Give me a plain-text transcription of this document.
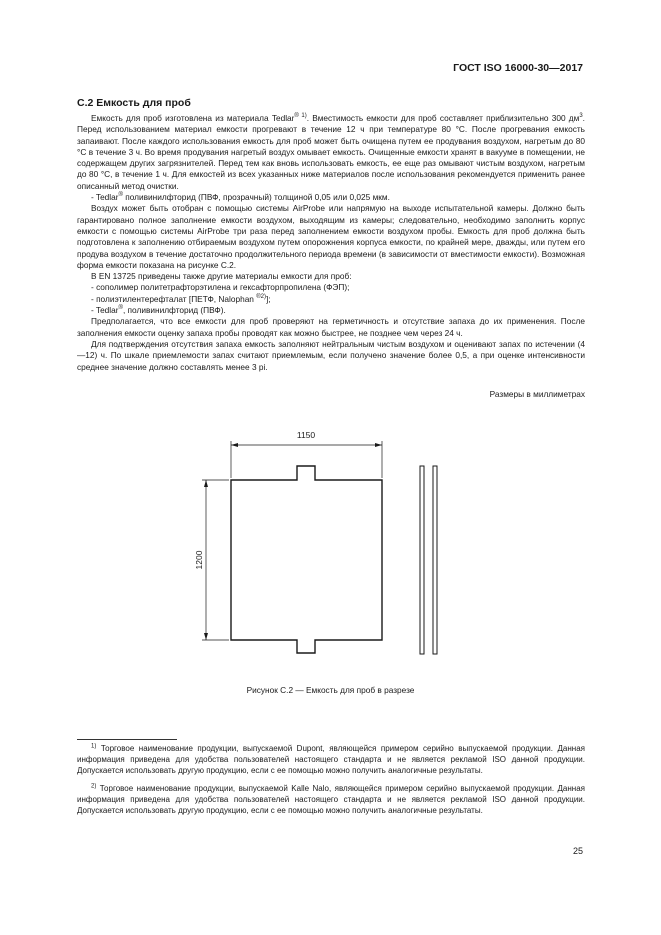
ГОСТ ISO 16000-30—2017
С.2 Емкость для проб

Емкость для проб изготовлена из материала Tedlar$^{® 1)}$. Вместимость емкости для проб составляет приблизительно 300 $дм^3$. Перед использованием материал емкости прогревают в течение 12 ч при температуре 80 °С. После прогревания емкость запаивают. После каждого использования емкость для проб может быть очищена путем ее продувания воздухом, нагретым до 80 °С в течение 3 ч. Во время продувания нагретый воздух омывает емкость. Очищенные емкости хранят в вакууме в помещении, не содержащем других загрязнителей. Перед тем как вновь использовать емкость, ее еще раз омывают чистым воздухом, нагретым до 80 °С, в течение 1 ч. Для емкостей из всех указанных ниже материалов после использования рекомендуется применить ранее описанный метод очистки.

- Tedlar® поливинилфторид (ПВФ, прозрачный) толщиной 0,05 или 0,025 мкм.

Воздух может быть отобран с помощью системы AirProbe или напрямую на выходе испытательной камеры. Должно быть гарантировано полное заполнение емкости воздухом, выходящим из камеры; следовательно, необходимо заполнить корпус емкости с помощью системы AirProbe три раза перед заполнением емкости воздухом пробы. Емкость для проб должна быть подготовлена к заполнению отбираемым воздухом путем опорожнения корпуса емкости, по крайней мере, дважды, или путем его продува воздухом в течение достаточно продолжительного периода времени (в зависимости от вместимости емкости). Возможная форма емкости показана на рисунке С.2.

В EN 13725 приведены также другие материалы емкости для проб:

- сополимер политетрафторэтилена и гексафторпропилена (ФЭП);

- полиэтилентерефталат [ПЕТФ, Nalophan $^{®2)}$];

- Tedlar®, поливинилфторид (ПВФ).

Предполагается, что все емкости для проб проверяют на герметичность и отсутствие запаха до их применения. После заполнения емкости оценку запаха пробы проводят как можно быстрее, не позднее чем через 24 ч.

Для подтверждения отсутствия запаха емкость заполняют нейтральным чистым воздухом и оценивают запах по истечении (4—12) ч. По шкале приемлемости запах считают приемлемым, если получено значение более 0,5, а при оценке интенсивности среднее значение должно составлять менее 3 pi.

Размеры в миллиметрах
1150
1200
Рисунок С.2 — Емкость для проб в разрезе

$^{1)}$ Торговое наименование продукции, выпускаемой Dupont, являющейся примером серийно выпускаемой продукции. Данная информация приведена для удобства пользователей настоящего стандарта и не является рекламой ISO данной продукции. Допускается использовать другую продукцию, если с ее помощью можно получить аналогичные результаты.

$^{2)}$ Торговое наименование продукции, выпускаемой Kalle Nalo, являющейся примером серийно выпускаемой продукции. Данная информация приведена для удобства пользователей настоящего стандарта и не является рекламой ISO данной продукции. Допускается использовать другую продукцию, если с ее помощью можно получить аналогичные результаты.

25
